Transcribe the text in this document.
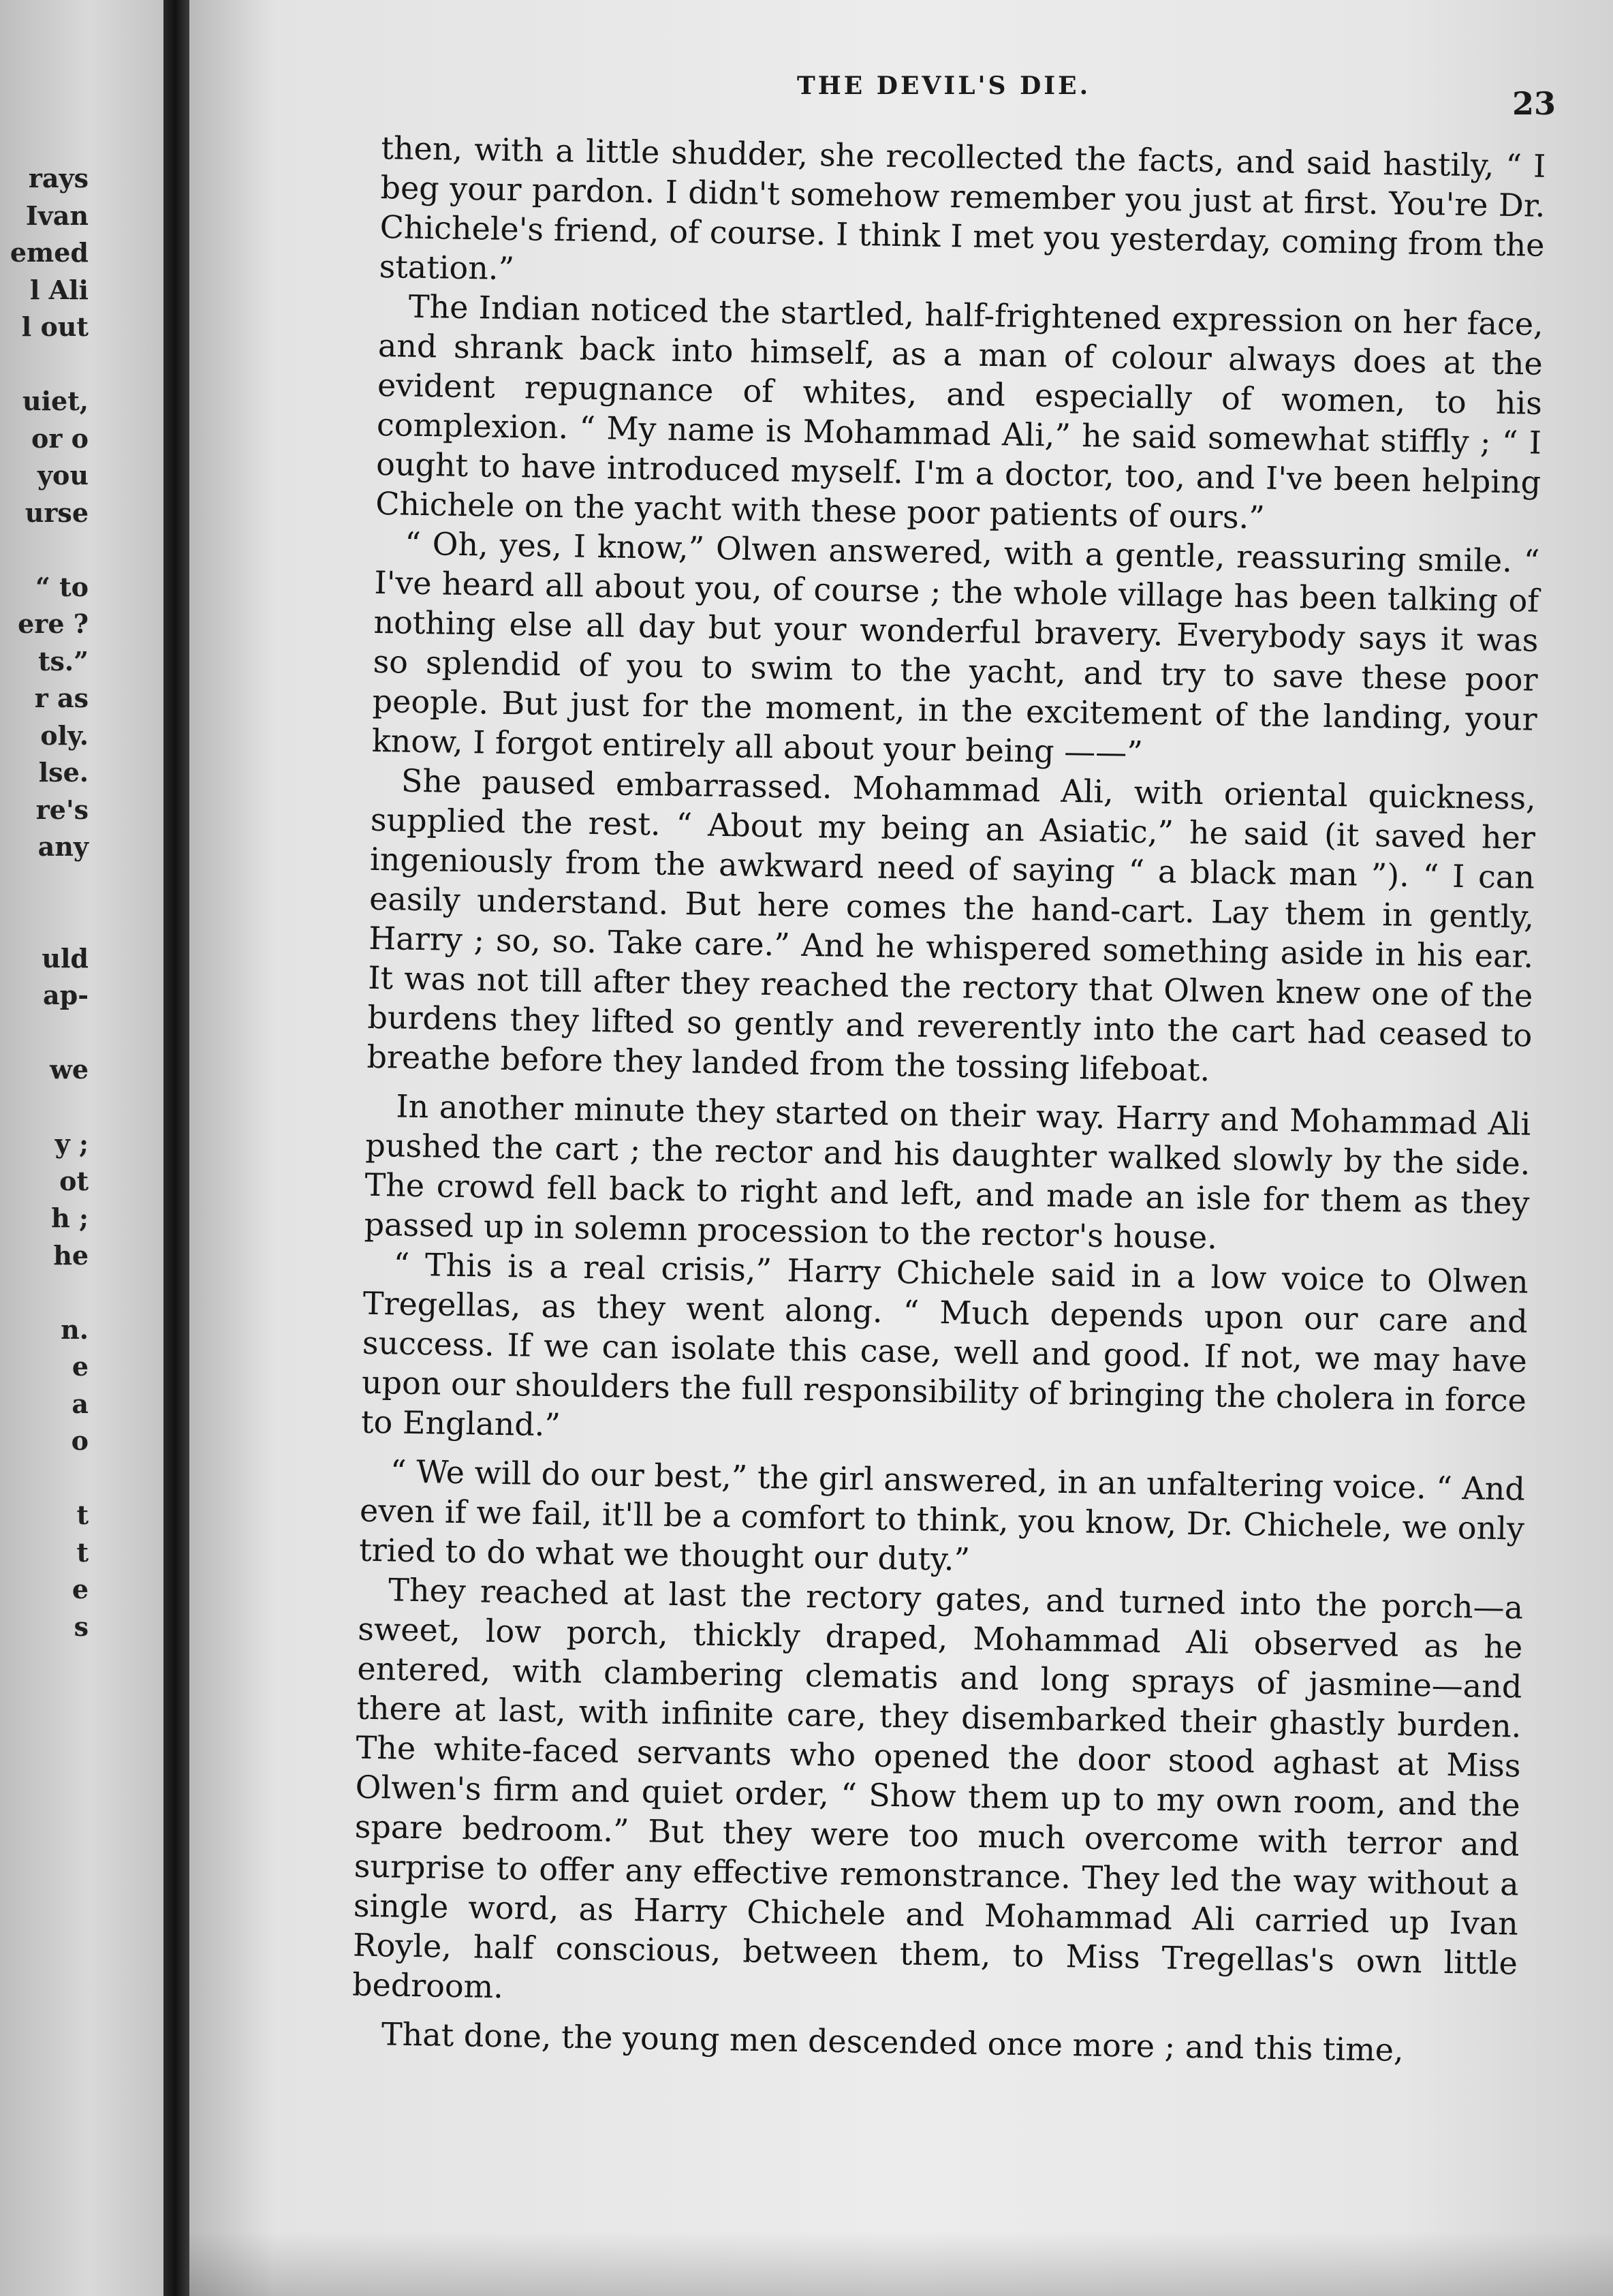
rays
Ivan
emed
l Ali
l out
uiet,
or o
you
urse
“ to
ere ?
ts.”
r as
oly.
lse.
re's
any
uld
ap-
we
y ;
ot
h ;
he
n.
e
a
o
t
t
e
s
THE DEVIL'S DIE.	23

then, with a little shudder, she recollected the facts, and said hastily, “ I beg your pardon. I didn't somehow remember you just at first. You're Dr. Chichele's friend, of course. I think I met you yesterday, coming from the station.”

The Indian noticed the startled, half-frightened expression on her face, and shrank back into himself, as a man of colour always does at the evident repugnance of whites, and especially of women, to his complexion. “ My name is Mohammad Ali,” he said somewhat stiffly ; “ I ought to have introduced myself. I'm a doctor, too, and I've been helping Chichele on the yacht with these poor patients of ours.”

“ Oh, yes, I know,” Olwen answered, with a gentle, reassuring smile. “ I've heard all about you, of course ; the whole village has been talking of nothing else all day but your wonderful bravery. Everybody says it was so splendid of you to swim to the yacht, and try to save these poor people. But just for the moment, in the excitement of the landing, your know, I forgot entirely all about your being ——”

She paused embarrassed. Mohammad Ali, with oriental quickness, supplied the rest. “ About my being an Asiatic,” he said (it saved her ingeniously from the awkward need of saying “ a black man ”). “ I can easily understand. But here comes the hand-cart. Lay them in gently, Harry ; so, so. Take care.” And he whispered something aside in his ear. It was not till after they reached the rectory that Olwen knew one of the burdens they lifted so gently and reverently into the cart had ceased to breathe before they landed from the tossing lifeboat.

In another minute they started on their way. Harry and Mohammad Ali pushed the cart ; the rector and his daughter walked slowly by the side. The crowd fell back to right and left, and made an isle for them as they passed up in solemn procession to the rector's house.

“ This is a real crisis,” Harry Chichele said in a low voice to Olwen Tregellas, as they went along. “ Much depends upon our care and success. If we can isolate this case, well and good. If not, we may have upon our shoulders the full responsibility of bringing the cholera in force to England.”

“ We will do our best,” the girl answered, in an unfaltering voice. “ And even if we fail, it'll be a comfort to think, you know, Dr. Chichele, we only tried to do what we thought our duty.”

They reached at last the rectory gates, and turned into the porch—a sweet, low porch, thickly draped, Mohammad Ali observed as he entered, with clambering clematis and long sprays of jasmine—and there at last, with infinite care, they disembarked their ghastly burden. The white-faced servants who opened the door stood aghast at Miss Olwen's firm and quiet order, “ Show them up to my own room, and the spare bedroom.” But they were too much overcome with terror and surprise to offer any effective remonstrance. They led the way without a single word, as Harry Chichele and Mohammad Ali carried up Ivan Royle, half conscious, between them, to Miss Tregellas's own little bedroom.

That done, the young men descended once more ; and this time,
